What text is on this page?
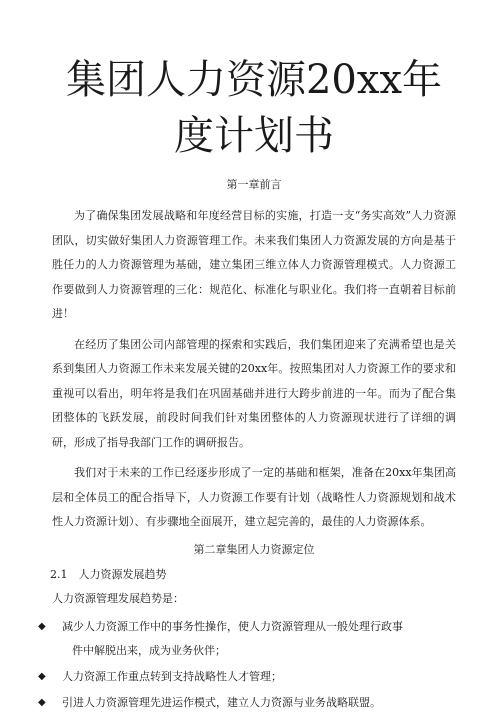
集团人力资源20xx年
度计划书
第一章前言

为了确保集团发展战略和年度经营目标的实施，打造一支“务实高效”人力资源团队，切实做好集团人力资源管理工作。未来我们集团人力资源发展的方向是基于胜任力的人力资源管理为基础，建立集团三维立体人力资源管理模式。人力资源工作要做到人力资源管理的三化：规范化、标准化与职业化。我们将一直朝着目标前进！

在经历了集团公司内部管理的探索和实践后，我们集团迎来了充满希望也是关系到集团人力资源工作未来发展关键的20xx年。按照集团对人力资源工作的要求和重视可以看出，明年将是我们在巩固基础并进行大跨步前进的一年。而为了配合集团整体的飞跃发展，前段时间我们针对集团整体的人力资源现状进行了详细的调研，形成了指导我部门工作的调研报告。

我们对于未来的工作已经逐步形成了一定的基础和框架，准备在20xx年集团高层和全体员工的配合指导下，人力资源工作要有计划（战略性人力资源规划和战术性人力资源计划）、有步骤地全面展开，建立起完善的，最佳的人力资源体系。

第二章集团人力资源定位
2.1　人力资源发展趋势
人力资源管理发展趋势是：
◆	减少人力资源工作中的事务性操作，使人力资源管理从一般处理行政事
件中解脱出来，成为业务伙伴；
◆	人力资源工作重点转到支持战略性人才管理；
◆	引进人力资源管理先进运作模式，建立人力资源与业务战略联盟。
